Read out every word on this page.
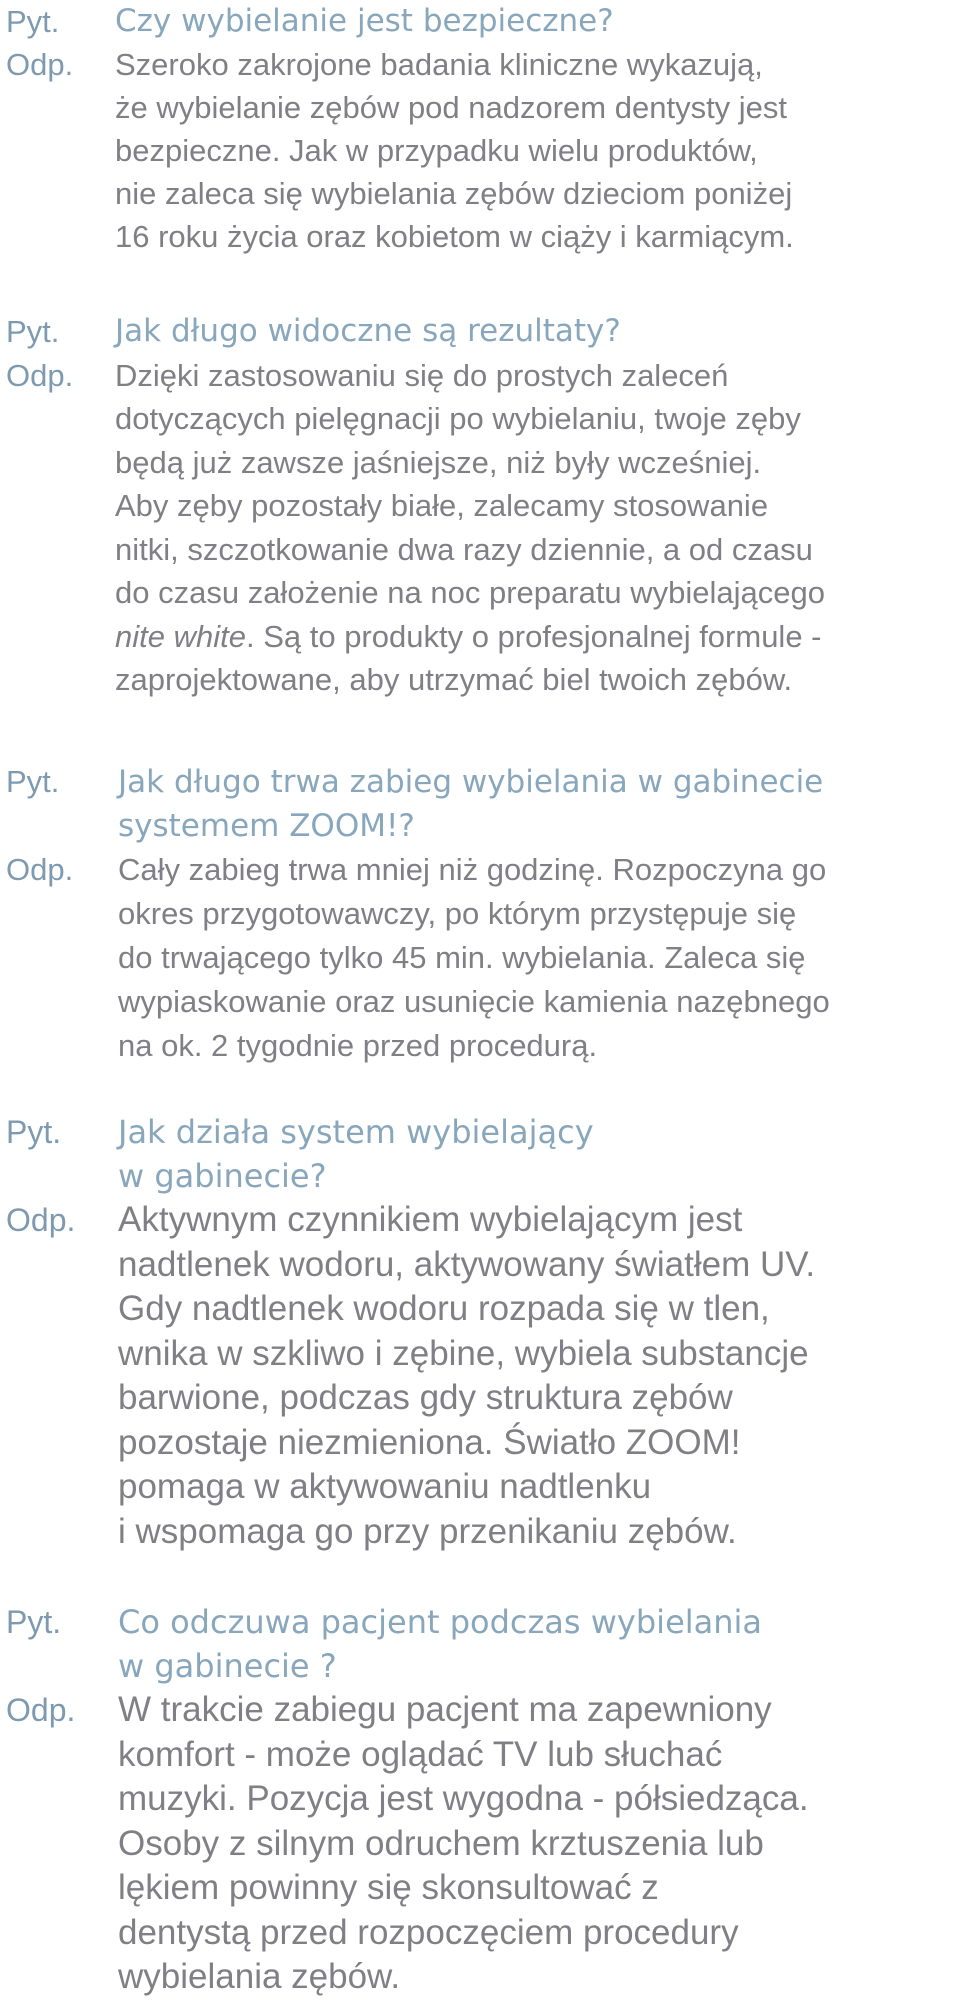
Pyt. Czy wybielanie jest bezpieczne?
Odp. Szeroko zakrojone badania kliniczne wykazują,
że wybielanie zębów pod nadzorem dentysty jest
bezpieczne. Jak w przypadku wielu produktów,
nie zaleca się wybielania zębów dzieciom poniżej
16 roku życia oraz kobietom w ciąży i karmiącym.
Pyt. Jak długo widoczne są rezultaty?
Odp. Dzięki zastosowaniu się do prostych zaleceń
dotyczących pielęgnacji po wybielaniu, twoje zęby
będą już zawsze jaśniejsze, niż były wcześniej.
Aby zęby pozostały białe, zalecamy stosowanie
nitki, szczotkowanie dwa razy dziennie, a od czasu
do czasu założenie na noc preparatu wybielającego
nite white. Są to produkty o profesjonalnej formule -
zaprojektowane, aby utrzymać biel twoich zębów.
Pyt. Jak długo trwa zabieg wybielania w gabinecie
systemem ZOOM!?
Odp. Cały zabieg trwa mniej niż godzinę. Rozpoczyna go
okres przygotowawczy, po którym przystępuje się
do trwającego tylko 45 min. wybielania. Zaleca się
wypiaskowanie oraz usunięcie kamienia nazębnego
na ok. 2 tygodnie przed procedurą.
Pyt. Jak działa system wybielający
w gabinecie?
Odp. Aktywnym czynnikiem wybielającym jest
nadtlenek wodoru, aktywowany światłem UV.
Gdy nadtlenek wodoru rozpada się w tlen,
wnika w szkliwo i zębine, wybiela substancje
barwione, podczas gdy struktura zębów
pozostaje niezmieniona. Światło ZOOM!
pomaga w aktywowaniu nadtlenku
i wspomaga go przy przenikaniu zębów.
Pyt. Co odczuwa pacjent podczas wybielania
w gabinecie ?
Odp. W trakcie zabiegu pacjent ma zapewniony
komfort - może oglądać TV lub słuchać
muzyki. Pozycja jest wygodna - półsiedząca.
Osoby z silnym odruchem krztuszenia lub
lękiem powinny się skonsultować z
dentystą przed rozpoczęciem procedury
wybielania zębów.
